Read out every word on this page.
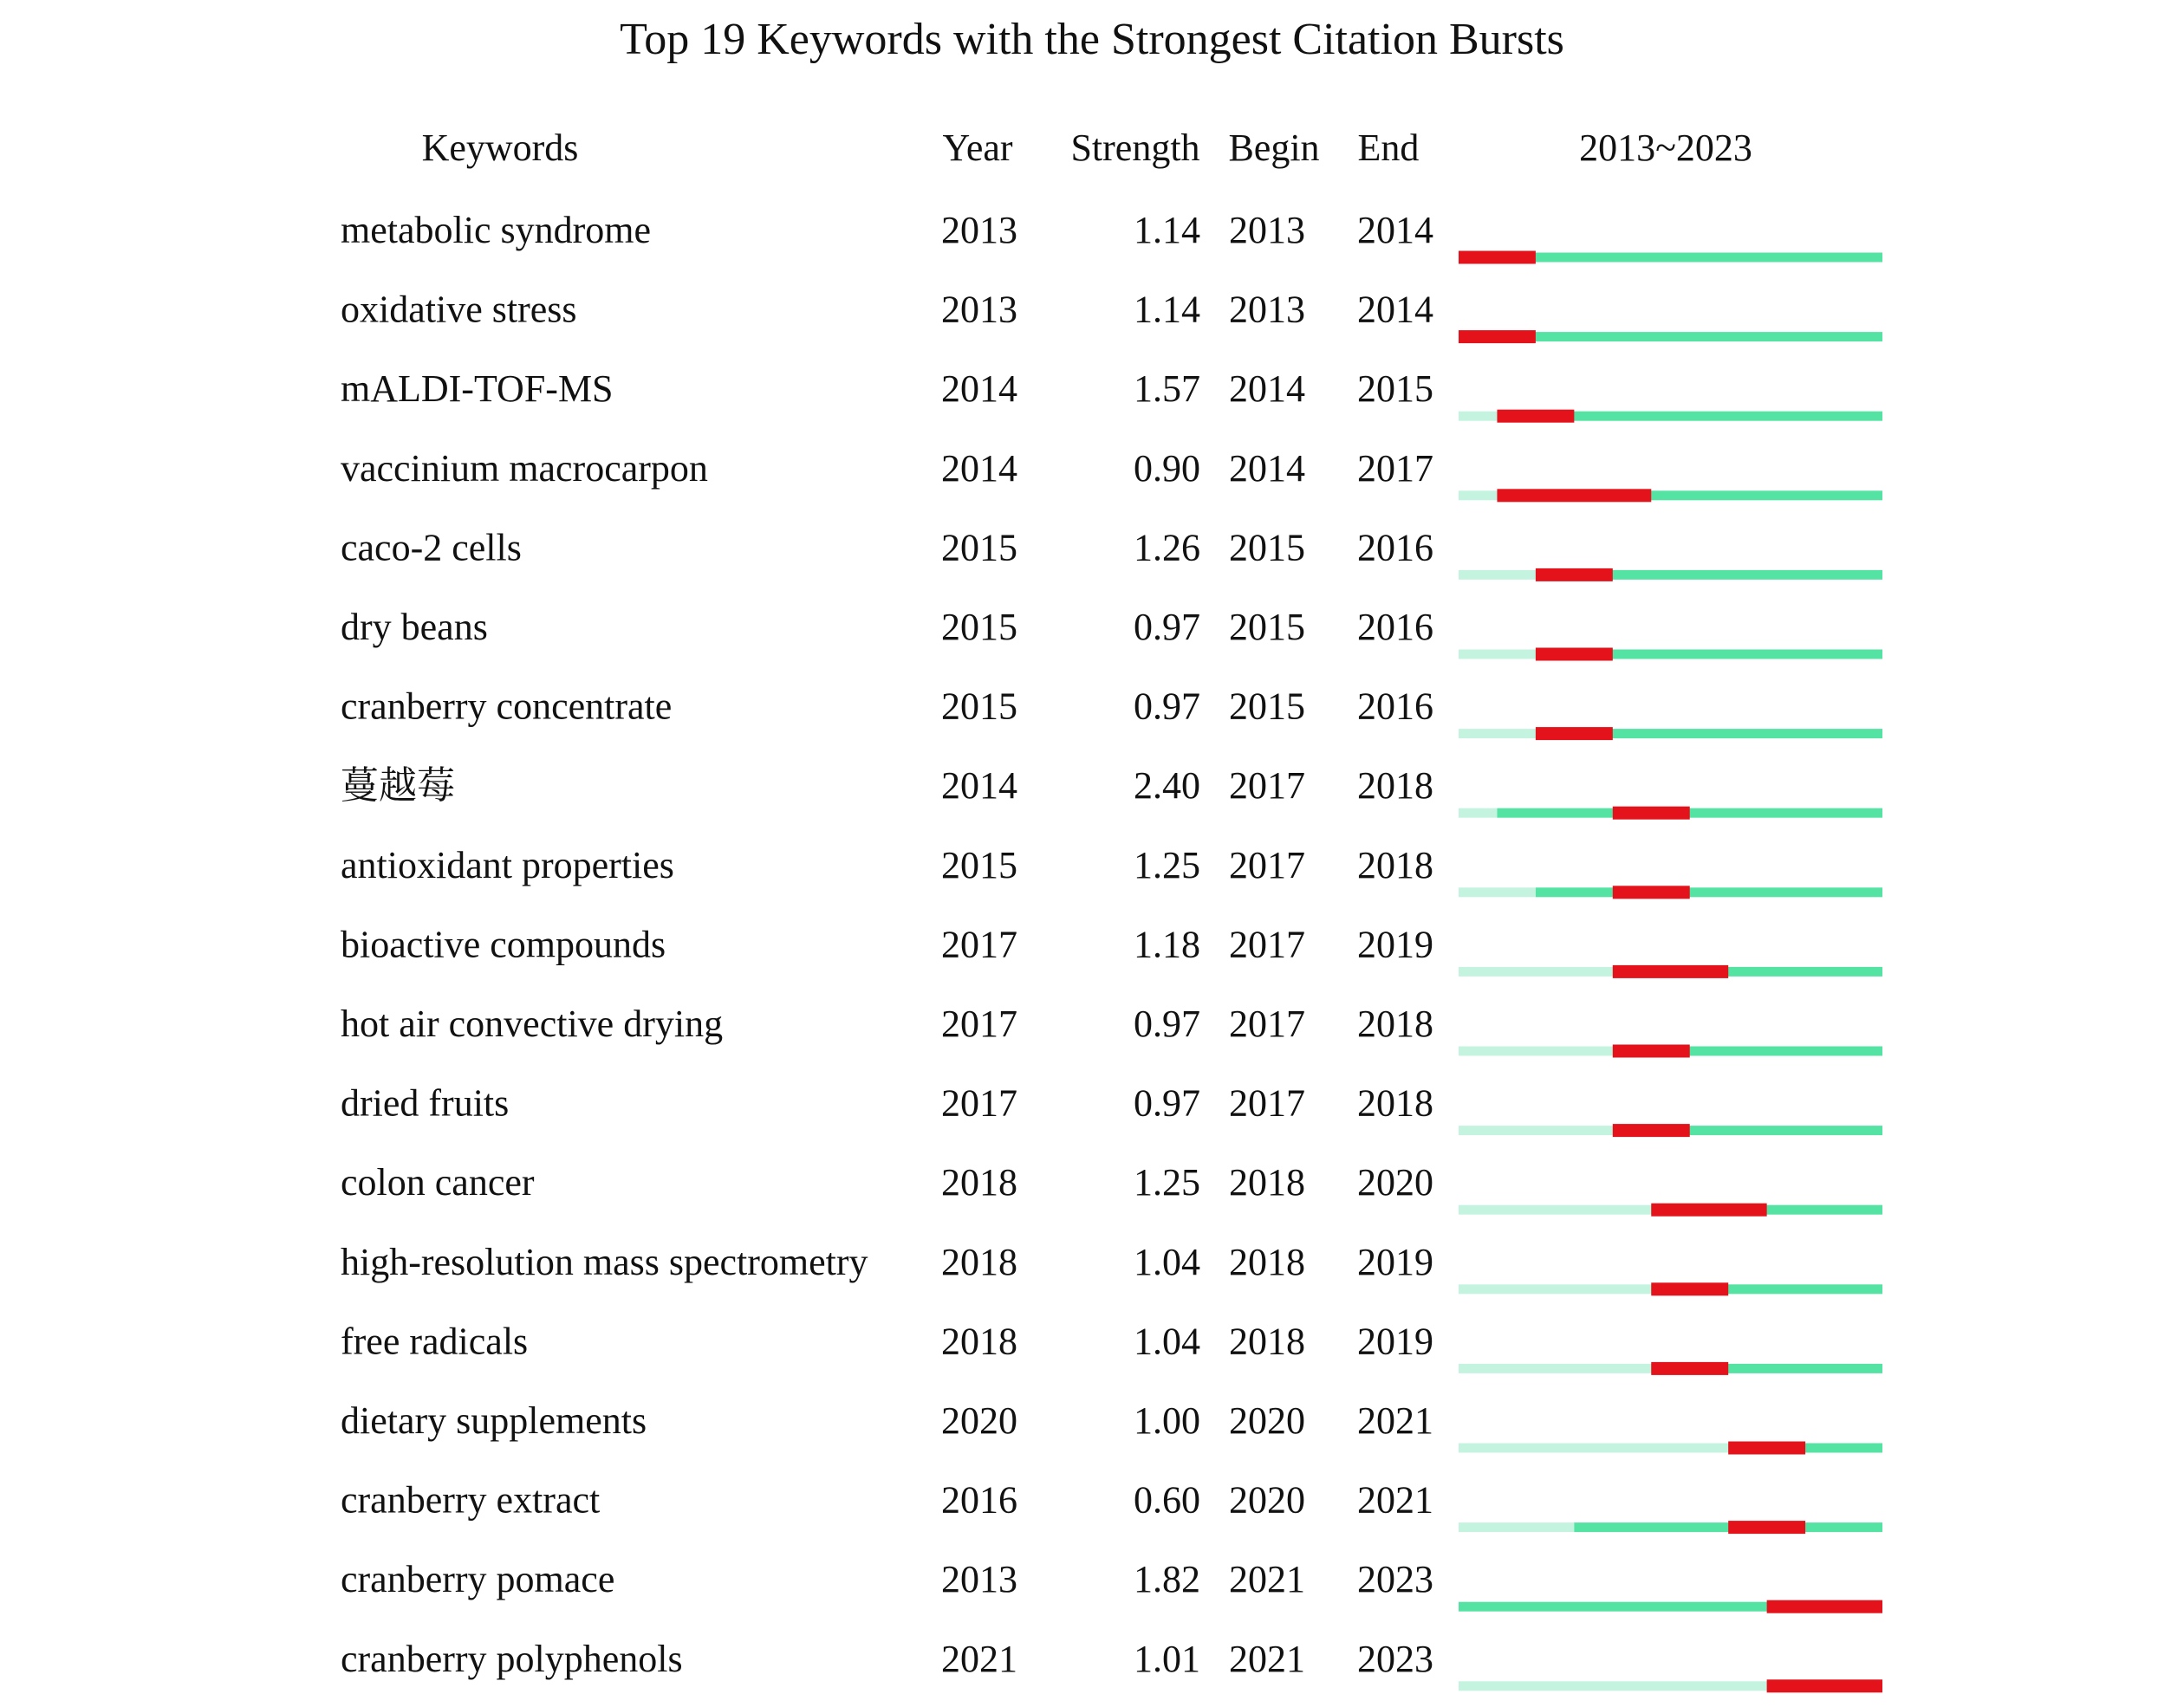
Top 19 Keywords with the Strongest Citation Bursts
Keywords	Year Strength Begin End	2013~2023
metabolic syndrome	2013	1.14 2013 2014
oxidative stress	2013	1.14 2013 2014
mALDI-TOF-MS	2014	1.57 2014 2015
vaccinium macrocarpon	2014	0.90 2014 2017
caco-2 cells	2015	1.26 2015 2016
dry beans	2015	0.97 2015 2016
cranberry concentrate	2015	0.97 2015 2016
蔓越莓	2014	2.40 2017 2018
antioxidant properties	2015	1.25 2017 2018
bioactive compounds	2017	1.18 2017 2019
hot air convective drying	2017	0.97 2017 2018
dried fruits	2017	0.97 2017 2018
colon cancer	2018	1.25 2018 2020
high-resolution mass spectrometry 2018	1.04 2018 2019
free radicals	2018	1.04 2018 2019
dietary supplements	2020	1.00 2020 2021
cranberry extract	2016	0.60 2020 2021
cranberry pomace	2013	1.82 2021 2023
cranberry polyphenols	2021	1.01 2021 2023
